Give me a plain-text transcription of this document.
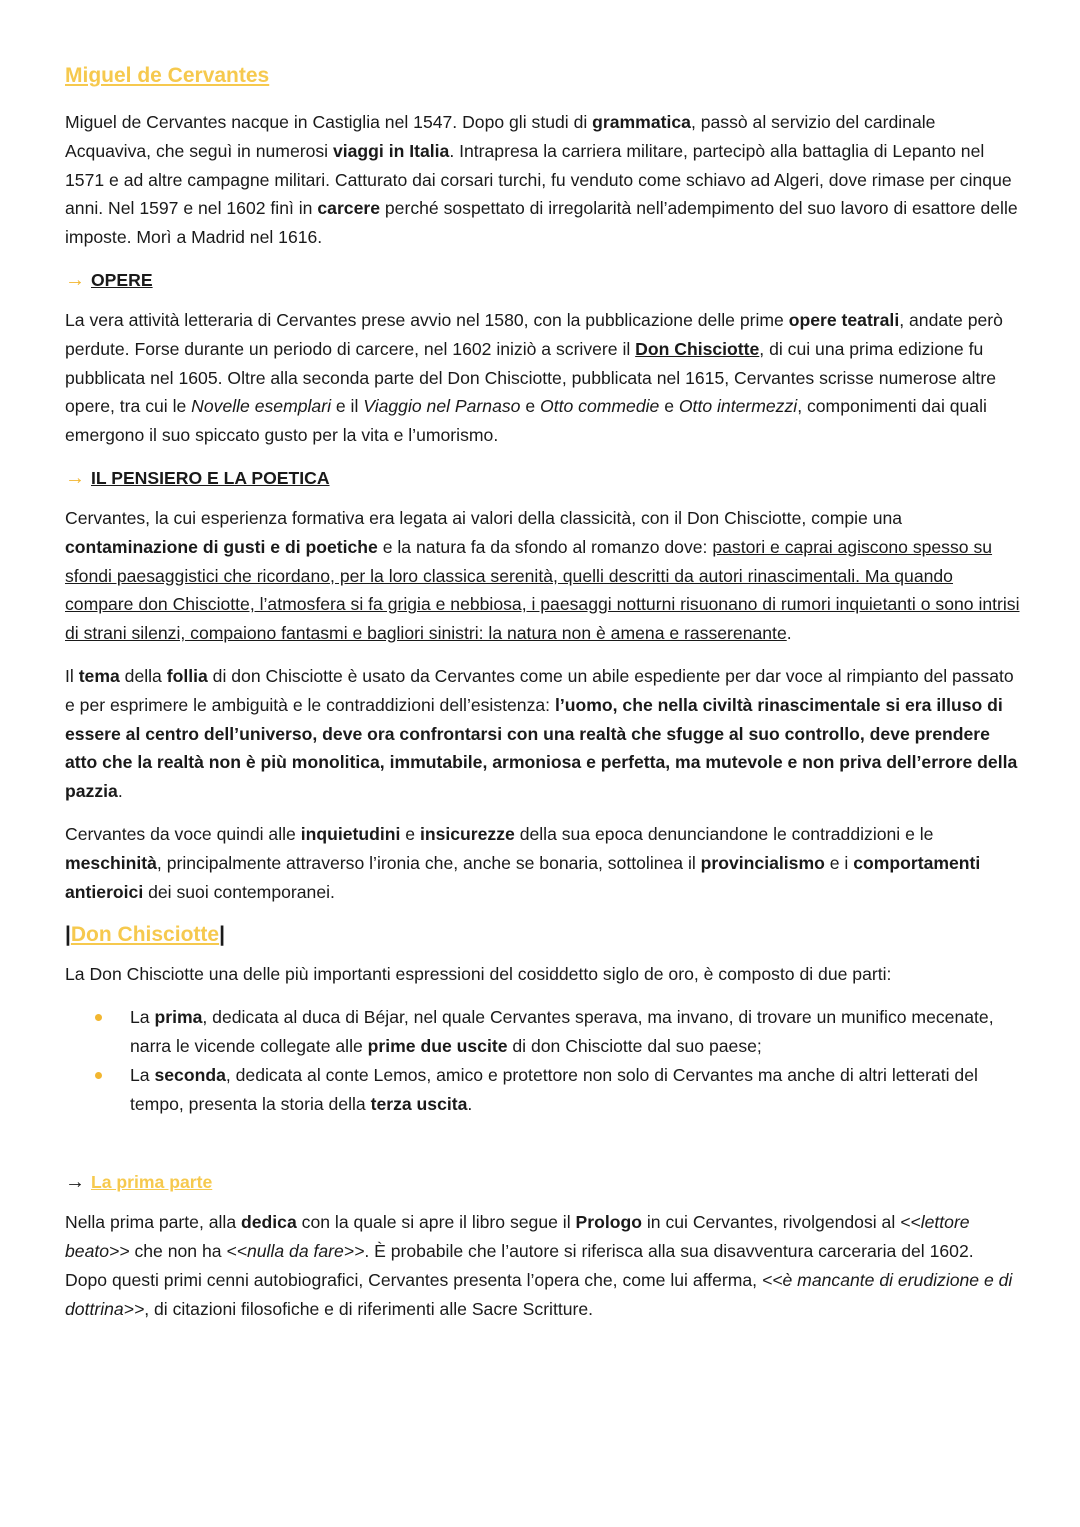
Miguel de Cervantes

Miguel de Cervantes nacque in Castiglia nel 1547. Dopo gli studi di grammatica, passò al servizio del cardinale Acquaviva, che seguì in numerosi viaggi in Italia. Intrapresa la carriera militare, partecipò alla battaglia di Lepanto nel 1571 e ad altre campagne militari. Catturato dai corsari turchi, fu venduto come schiavo ad Algeri, dove rimase per cinque anni. Nel 1597 e nel 1602 finì in carcere perché sospettato di irregolarità nell’adempimento del suo lavoro di esattore delle imposte. Morì a Madrid nel 1616.

→ OPERE

La vera attività letteraria di Cervantes prese avvio nel 1580, con la pubblicazione delle prime opere teatrali, andate però perdute. Forse durante un periodo di carcere, nel 1602 iniziò a scrivere il Don Chisciotte, di cui una prima edizione fu pubblicata nel 1605. Oltre alla seconda parte del Don Chisciotte, pubblicata nel 1615, Cervantes scrisse numerose altre opere, tra cui le Novelle esemplari e il Viaggio nel Parnaso e Otto commedie e Otto intermezzi, componimenti dai quali emergono il suo spiccato gusto per la vita e l’umorismo.

→ IL PENSIERO E LA POETICA

Cervantes, la cui esperienza formativa era legata ai valori della classicità, con il Don Chisciotte, compie una contaminazione di gusti e di poetiche e la natura fa da sfondo al romanzo dove: pastori e caprai agiscono spesso su sfondi paesaggistici che ricordano, per la loro classica serenità, quelli descritti da autori rinascimentali. Ma quando compare don Chisciotte, l’atmosfera si fa grigia e nebbiosa, i paesaggi notturni risuonano di rumori inquietanti o sono intrisi di strani silenzi, compaiono fantasmi e bagliori sinistri: la natura non è amena e rasserenante.

Il tema della follia di don Chisciotte è usato da Cervantes come un abile espediente per dar voce al rimpianto del passato e per esprimere le ambiguità e le contraddizioni dell’esistenza: l’uomo, che nella civiltà rinascimentale si era illuso di essere al centro dell’universo, deve ora confrontarsi con una realtà che sfugge al suo controllo, deve prendere atto che la realtà non è più monolitica, immutabile, armoniosa e perfetta, ma mutevole e non priva dell’errore della pazzia.

Cervantes da voce quindi alle inquietudini e insicurezze della sua epoca denunciandone le contraddizioni e le meschinità, principalmente attraverso l’ironia che, anche se bonaria, sottolinea il provincialismo e i comportamenti antieroici dei suoi contemporanei.

|Don Chisciotte|

La Don Chisciotte una delle più importanti espressioni del cosiddetto siglo de oro, è composto di due parti:

La prima, dedicata al duca di Béjar, nel quale Cervantes sperava, ma invano, di trovare un munifico mecenate, narra le vicende collegate alle prime due uscite di don Chisciotte dal suo paese;
La seconda, dedicata al conte Lemos, amico e protettore non solo di Cervantes ma anche di altri letterati del tempo, presenta la storia della terza uscita.
→ La prima parte

Nella prima parte, alla dedica con la quale si apre il libro segue il Prologo in cui Cervantes, rivolgendosi al <<lettore beato>> che non ha <<nulla da fare>>. È probabile che l’autore si riferisca alla sua disavventura carceraria del 1602. Dopo questi primi cenni autobiografici, Cervantes presenta l’opera che, come lui afferma, <<è mancante di erudizione e di dottrina>>, di citazioni filosofiche e di riferimenti alle Sacre Scritture.
